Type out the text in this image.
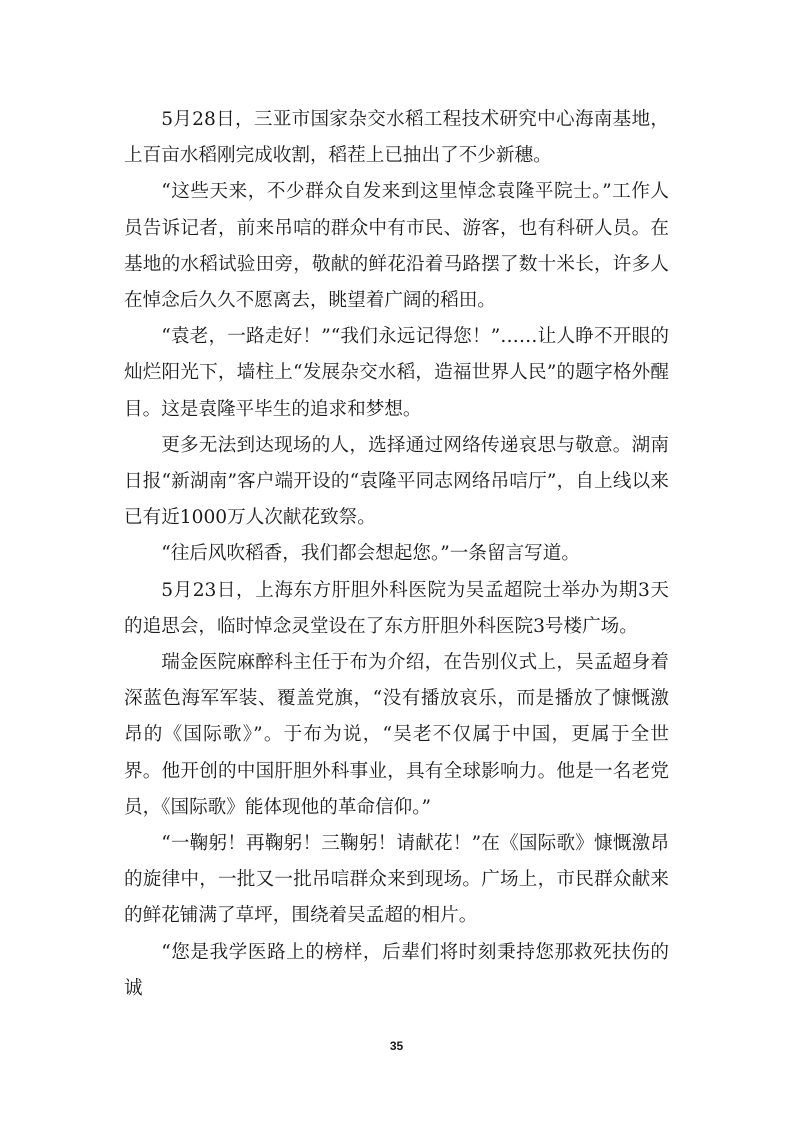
5月28日，三亚市国家杂交水稻工程技术研究中心海南基地，上百亩水稻刚完成收割，稻茬上已抽出了不少新穗。

“这些天来，不少群众自发来到这里悼念袁隆平院士。”工作人员告诉记者，前来吊唁的群众中有市民、游客，也有科研人员。在基地的水稻试验田旁，敬献的鲜花沿着马路摆了数十米长，许多人在悼念后久久不愿离去，眺望着广阔的稻田。

“袁老，一路走好！”“我们永远记得您！”……让人睁不开眼的灿烂阳光下，墙柱上“发展杂交水稻，造福世界人民”的题字格外醒目。这是袁隆平毕生的追求和梦想。

更多无法到达现场的人，选择通过网络传递哀思与敬意。湖南日报“新湖南”客户端开设的“袁隆平同志网络吊唁厅”，自上线以来已有近1000万人次献花致祭。

“往后风吹稻香，我们都会想起您。”一条留言写道。

5月23日，上海东方肝胆外科医院为吴孟超院士举办为期3天的追思会，临时悼念灵堂设在了东方肝胆外科医院3号楼广场。

瑞金医院麻醉科主任于布为介绍，在告别仪式上，吴孟超身着深蓝色海军军装、覆盖党旗，“没有播放哀乐，而是播放了慷慨激昂的《国际歌》”。于布为说，“吴老不仅属于中国，更属于全世界。他开创的中国肝胆外科事业，具有全球影响力。他是一名老党员，《国际歌》能体现他的革命信仰。”

“一鞠躬！再鞠躬！三鞠躬！请献花！”在《国际歌》慷慨激昂的旋律中，一批又一批吊唁群众来到现场。广场上，市民群众献来的鲜花铺满了草坪，围绕着吴孟超的相片。

“您是我学医路上的榜样，后辈们将时刻秉持您那救死扶伤的诚

35
